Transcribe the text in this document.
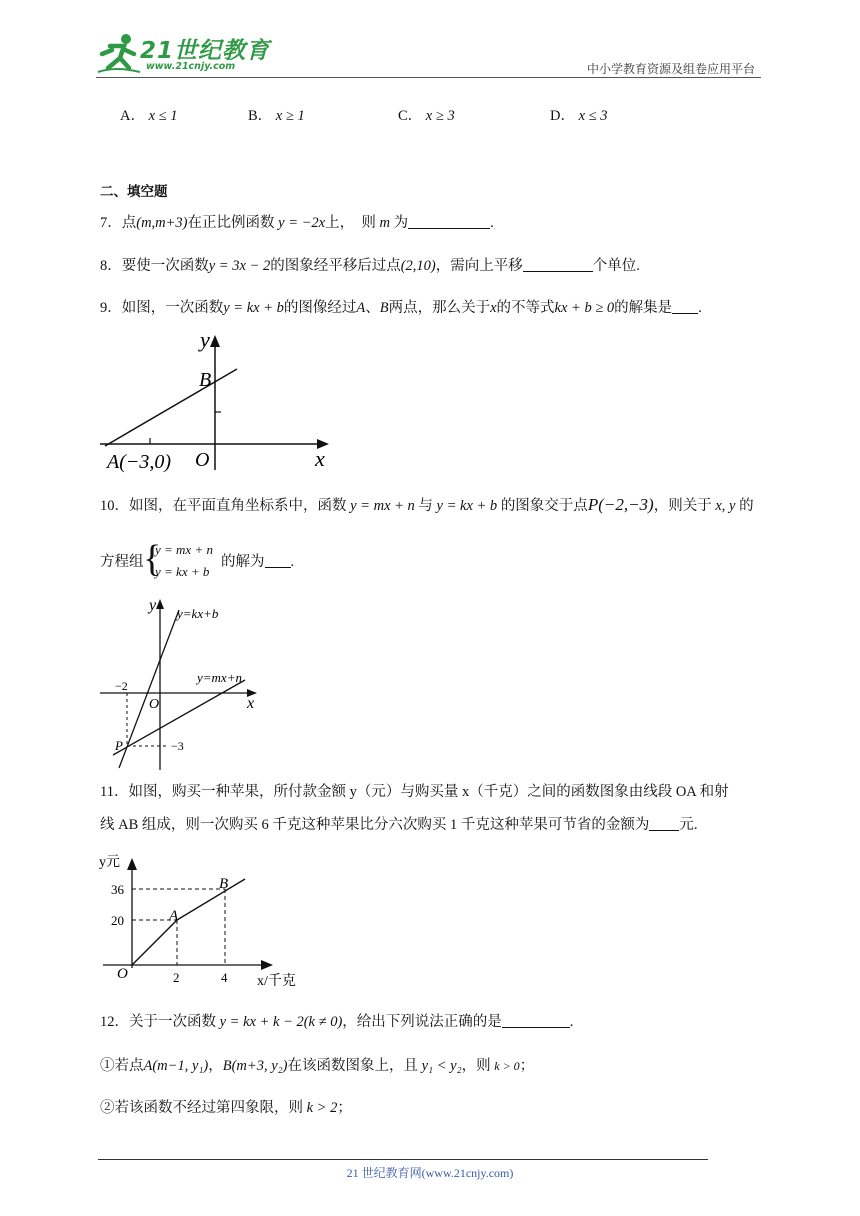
21世纪教育
www.21cnjy.com	中小学教育资源及组卷应用平台
A． x ≤ 1	B． x ≥ 1	C． x ≥ 3	D． x ≤ 3
二、填空题
7．点(m,m+3)在正比例函数 y = −2x上，　则 m 为	.
8．要使一次函数y = 3x − 2的图象经平移后过点(2,10)，需向上平移	个单位.
9．如图，一次函数y = kx + b的图像经过A、B两点，那么关于x的不等式kx + b ≥ 0的解集是 .
y
x
O
B
A(−3,0)
10．如图，在平面直角坐标系中，函数 y = mx + n 与 y = kx + b 的图象交于点P(−2,−3)，则关于 x, y 的
方程组 {
y = mx + n
y = kx + b
的解为 .
y
x
O
y=kx+b
y=mx+n
−2
−3
P
11．如图，购买一种苹果，所付款金额 y（元）与购买量 x（千克）之间的函数图象由线段 OA 和射
线 AB 组成，则一次购买 6 千克这种苹果比分六次购买 1 千克这种苹果可节省的金额为 元.
y元
x/千克
O
A
B
36
20
2	4
12．关于一次函数 y = kx + k − 2(k ≠ 0)，给出下列说法正确的是	.
①若点A(m−1, y₁)，B(m+3, y₂)在该函数图象上，且 y₁ < y₂，则 k > 0；
②若该函数不经过第四象限，则 k > 2；
21 世纪教育网(www.21cnjy.com)
